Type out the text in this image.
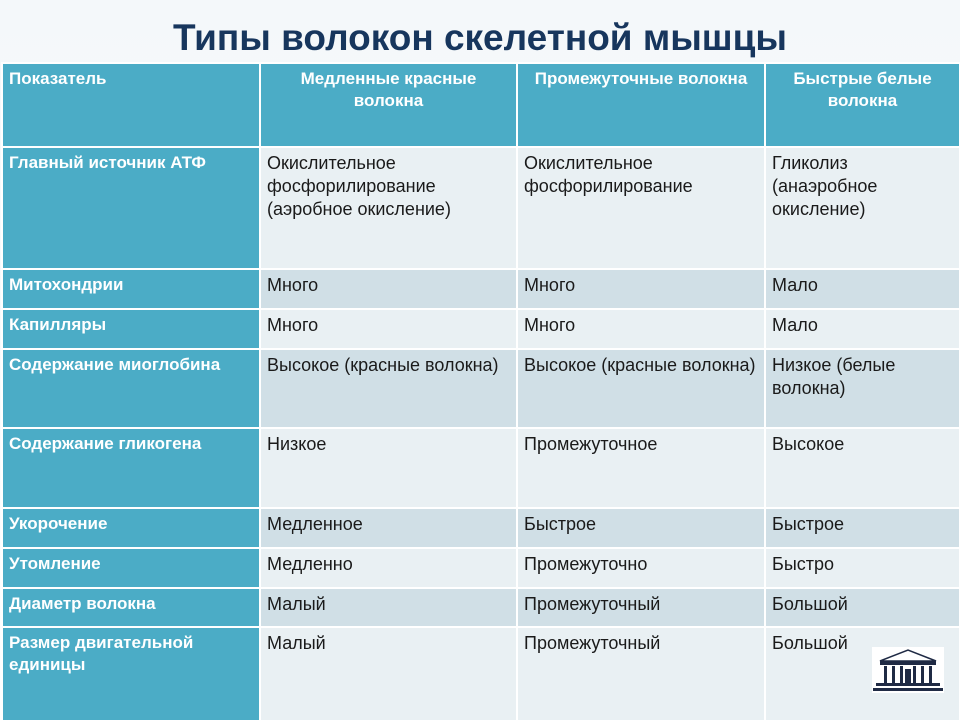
Типы волокон скелетной мышцы
Показатель	Медленные красные волокна	Промежуточные волокна	Быстрые белые волокна
Главный источник АТФ	Окислительное фосфорилирование (аэробное окисление)	Окислительное фосфорилирование	Гликолиз (анаэробное окисление)
Митохондрии	Много	Много	Мало
Капилляры	Много	Много	Мало
Содержание миоглобина	Высокое (красные волокна)	Высокое (красные волокна)	Низкое (белые волокна)
Содержание гликогена	Низкое	Промежуточное	Высокое
Укорочение	Медленное	Быстрое	Быстрое
Утомление	Медленно	Промежуточно	Быстро
Диаметр волокна	Малый	Промежуточный	Большой
Размер двигательной единицы	Малый	Промежуточный	Большой
